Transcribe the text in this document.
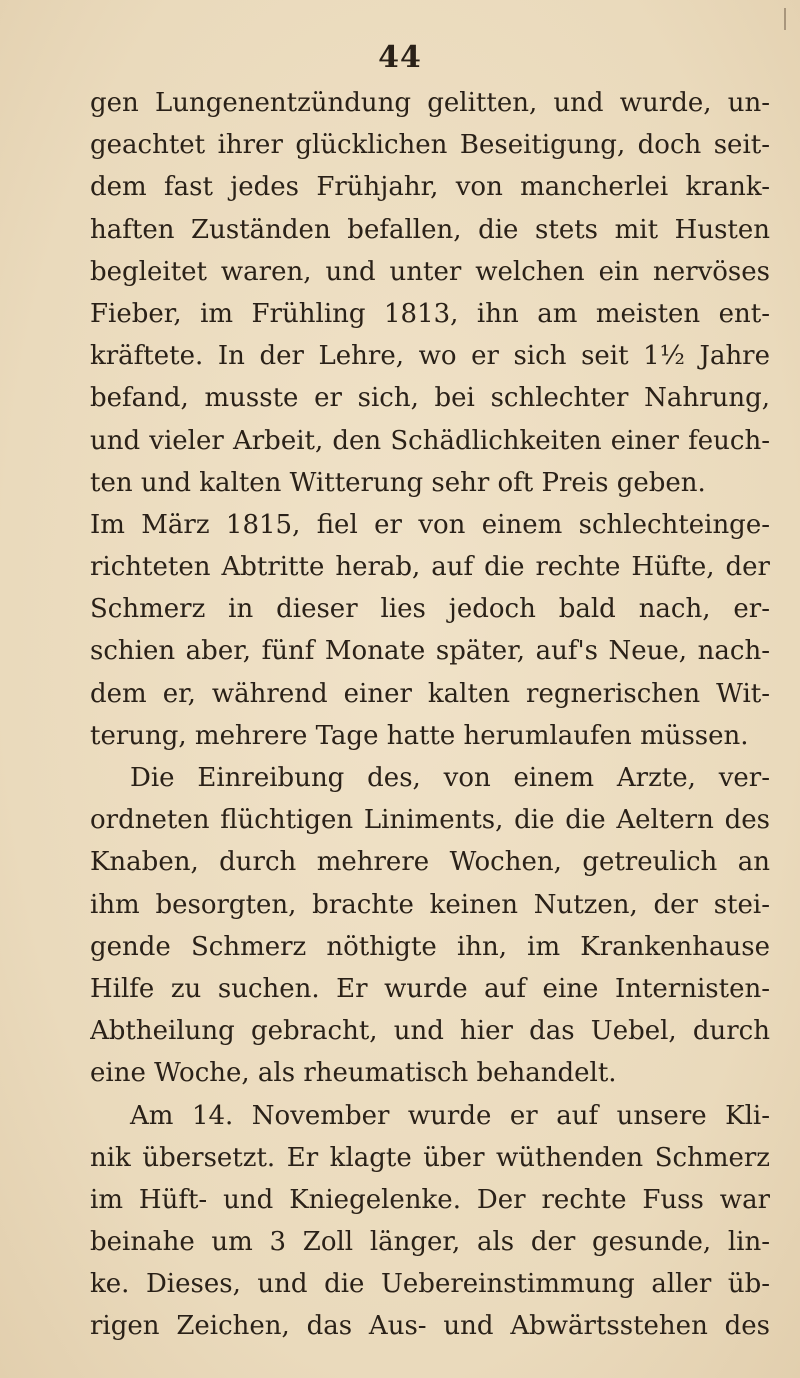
44
gen Lungenentzündung gelitten, und wurde, un-
geachtet ihrer glücklichen Beseitigung, doch seit-
dem fast jedes Frühjahr, von mancherlei krank-
haften Zuständen befallen, die stets mit Husten
begleitet waren, und unter welchen ein nervöses
Fieber, im Frühling 1813, ihn am meisten ent-
kräftete. In der Lehre, wo er sich seit 1½ Jahre
befand, musste er sich, bei schlechter Nahrung,
und vieler Arbeit, den Schädlichkeiten einer feuch-
ten und kalten Witterung sehr oft Preis geben.
Im März 1815, fiel er von einem schlechteinge-
richteten Abtritte herab, auf die rechte Hüfte, der
Schmerz in dieser lies jedoch bald nach, er-
schien aber, fünf Monate später, auf's Neue, nach-
dem er, während einer kalten regnerischen Wit-
terung, mehrere Tage hatte herumlaufen müssen.
Die Einreibung des, von einem Arzte, ver-
ordneten flüchtigen Liniments, die die Aeltern des
Knaben, durch mehrere Wochen, getreulich an
ihm besorgten, brachte keinen Nutzen, der stei-
gende Schmerz nöthigte ihn, im Krankenhause
Hilfe zu suchen. Er wurde auf eine Internisten-
Abtheilung gebracht, und hier das Uebel, durch
eine Woche, als rheumatisch behandelt.
Am 14. November wurde er auf unsere Kli-
nik übersetzt. Er klagte über wüthenden Schmerz
im Hüft- und Kniegelenke. Der rechte Fuss war
beinahe um 3 Zoll länger, als der gesunde, lin-
ke. Dieses, und die Uebereinstimmung aller üb-
rigen Zeichen, das Aus- und Abwärtsstehen des
